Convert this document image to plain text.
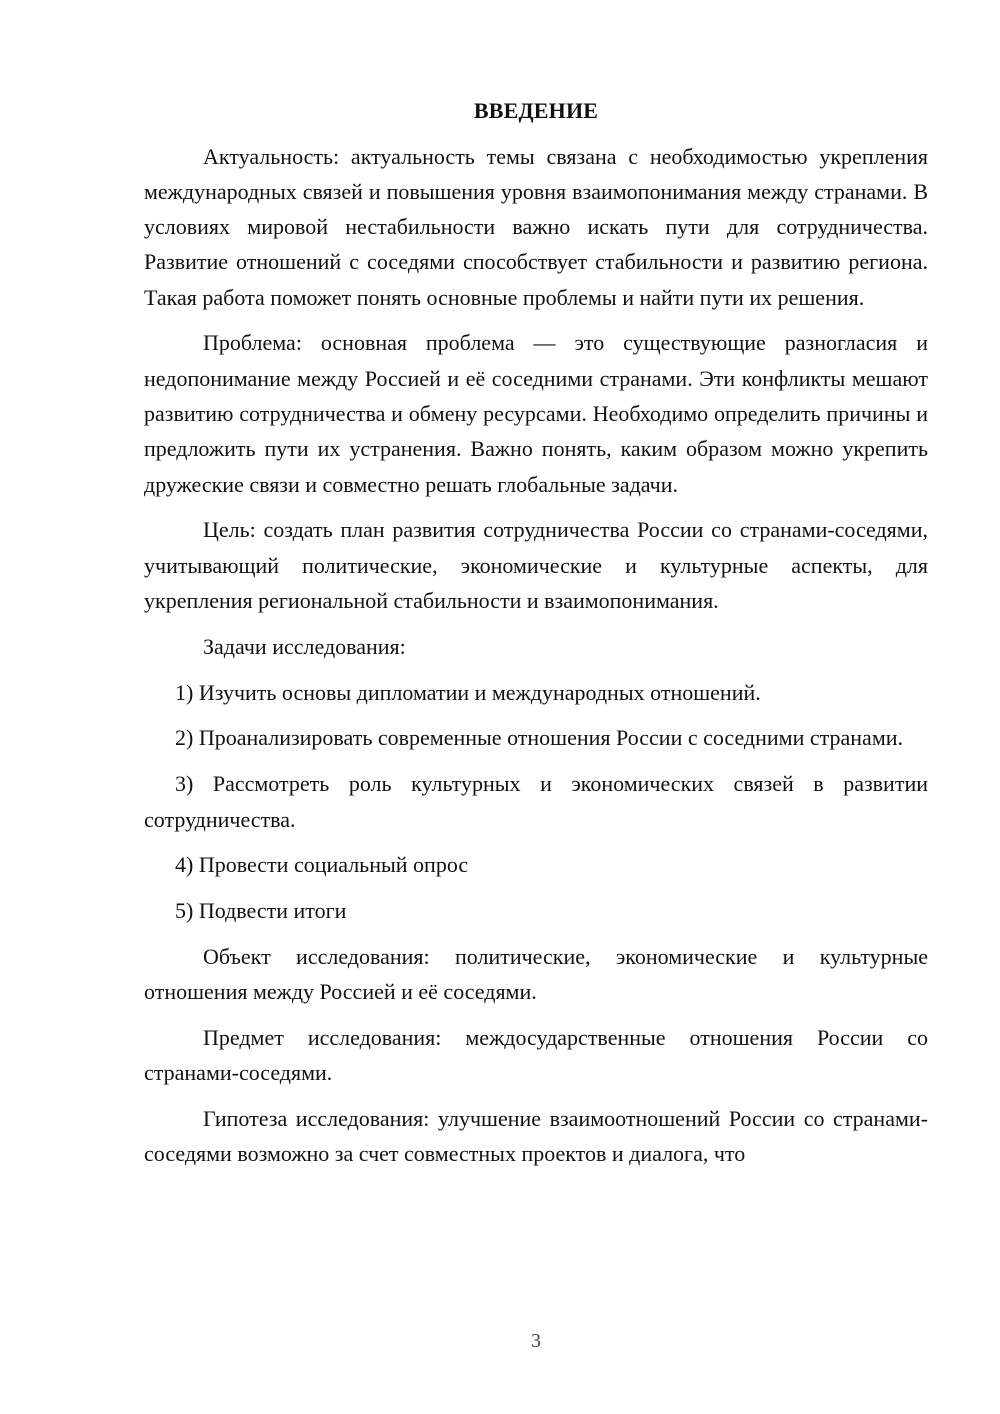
ВВЕДЕНИЕ

Актуальность: актуальность темы связана с необходимостью укрепления международных связей и повышения уровня взаимопонимания между странами. В условиях мировой нестабильности важно искать пути для сотрудничества. Развитие отношений с соседями способствует стабильности и развитию региона. Такая работа поможет понять основные проблемы и найти пути их решения.

Проблема: основная проблема — это существующие разногласия и недопонимание между Россией и её соседними странами. Эти конфликты мешают развитию сотрудничества и обмену ресурсами. Необходимо определить причины и предложить пути их устранения. Важно понять, каким образом можно укрепить дружеские связи и совместно решать глобальные задачи.

Цель: создать план развития сотрудничества России со странами-соседями, учитывающий политические, экономические и культурные аспекты, для укрепления региональной стабильности и взаимопонимания.

Задачи исследования:

1) Изучить основы дипломатии и международных отношений.

2) Проанализировать современные отношения России с соседними странами.

3) Рассмотреть роль культурных и экономических связей в развитии сотрудничества.

4) Провести социальный опрос

5) Подвести итоги

Объект исследования: политические, экономические и культурные отношения между Россией и её соседями.

Предмет исследования: междосударственные отношения России со странами-соседями.

Гипотеза исследования: улучшение взаимоотношений России со странами-соседями возможно за счет совместных проектов и диалога, что

3
